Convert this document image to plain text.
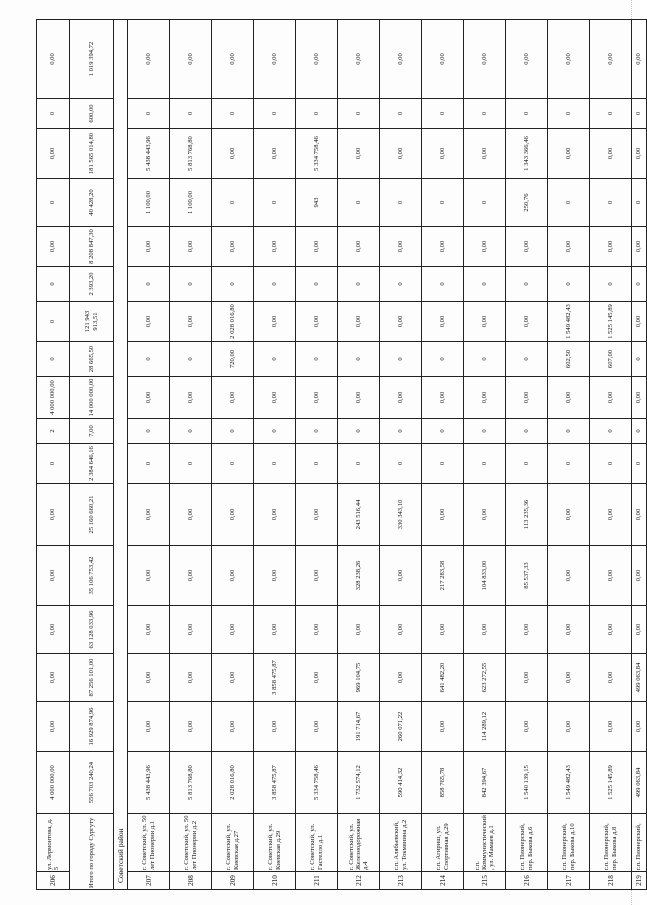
206	ул. Лермонтова, д. 5	4 000 000,00	0,00	0,00	0,00	0,00	0,00	0	2	4 000 000,00	0	0	0	0,00	0	0,00	0	0,00	
Итого по городу Сургуту		556 703 240,24	16 929 874,96	87 256 101,00	63 128 033,96	35 106 753,42	25 160 660,21	2 384 646,16	7,00	14 000 000,00	28 665,50	121 943 913,51	2 393,20	8 208 847,30	40 428,20	181 565 014,80	600,00	1 019 394,72	
Советский район																			
207	г. Советский, ул. 50 лет Пионерии д.1	5 438 443,96	0,00	0,00	0,00	0,00	0,00	0	0	0,00	0	0,00	0	0,00	1 100,00	5 438 443,96	0	0,00	
208	г. Советский, ул. 50 лет Пионерии д.2	5 813 768,80	0,00	0,00	0,00	0,00	0,00	0	0	0,00	0	0,00	0	0,00	1 100,00	5 813 768,80	0	0,00	
209	г. Советский, ул. Киевская д.27	2 028 016,80	0,00	0,00	0,00	0,00	0,00	0	0	0,00	720,00	2 028 016,80	0	0,00	0	0,00	0	0,00	
210	г. Советский, ул. Киевская д.29	3 858 475,87	0,00	3 858 475,87	0,00	0,00	0,00	0	0	0,00	0	0,00	0	0,00	0	0,00	0	0,00	
211	г. Советский, ул. Гастелло д.1	5 334 758,46	0,00	0,00	0,00	0,00	0,00	0	0	0,00	0	0,00	0	0,00	943	5 334 758,46	0	0,00	
212	г. Советский, ул. Железнодорожная д.4	1 732 574,12	191 714,67	969 104,75	0,00	328 238,26	243 516,44	0	0	0,00	0	0,00	0	0,00	0	0,00	0	0,00	
213	г.п. Алябьевский, ул. Токмянина д.2	590 414,32	260 071,22	0,00	0,00	0,00	330 343,10	0	0	0,00	0	0,00	0	0,00	0	0,00	0	0,00	
214	г.п. Агириш, ул. Спортивная д.29	858 765,78	0,00	641 482,20	0,00	217 283,58	0,00	0	0	0,00	0	0,00	0	0,00	0	0,00	0	0,00	
215	г.п. Коммунистический, ул. Мамаев д.1	842 394,67	114 289,12	623 272,55	0,00	104 833,00	0,00	0	0	0,00	0	0,00	0	0,00	0	0,00	0	0,00	
216	г.п. Пионерский, пер. Быкова д.6	1 540 139,15	0,00	0,00	0,00	85 537,33	113 235,36	0	0	0,00	0	0,00	0	0,00	250,76	1 343 366,46	0	0,00	
217	г.п. Пионерский, пер. Быкова д.10	1 549 482,43	0,00	0,00	0,00	0,00	0,00	0	0	0,00	602,50	1 549 482,43	0	0,00	0	0,00	0	0,00	
218	г.п. Пионерский, пер. Быкова д.8	1 525 145,89	0,00	0,00	0,00	0,00	0,00	0	0	0,00	607,00	1 525 145,89	0	0,00	0	0,00	0	0,00	
219	г.п. Пионерский,	499 063,84	0,00	499 063,84	0,00	0,00	0,00	0	0	0,00	0	0,00	0	0,00	0	0,00	0	0,00	
